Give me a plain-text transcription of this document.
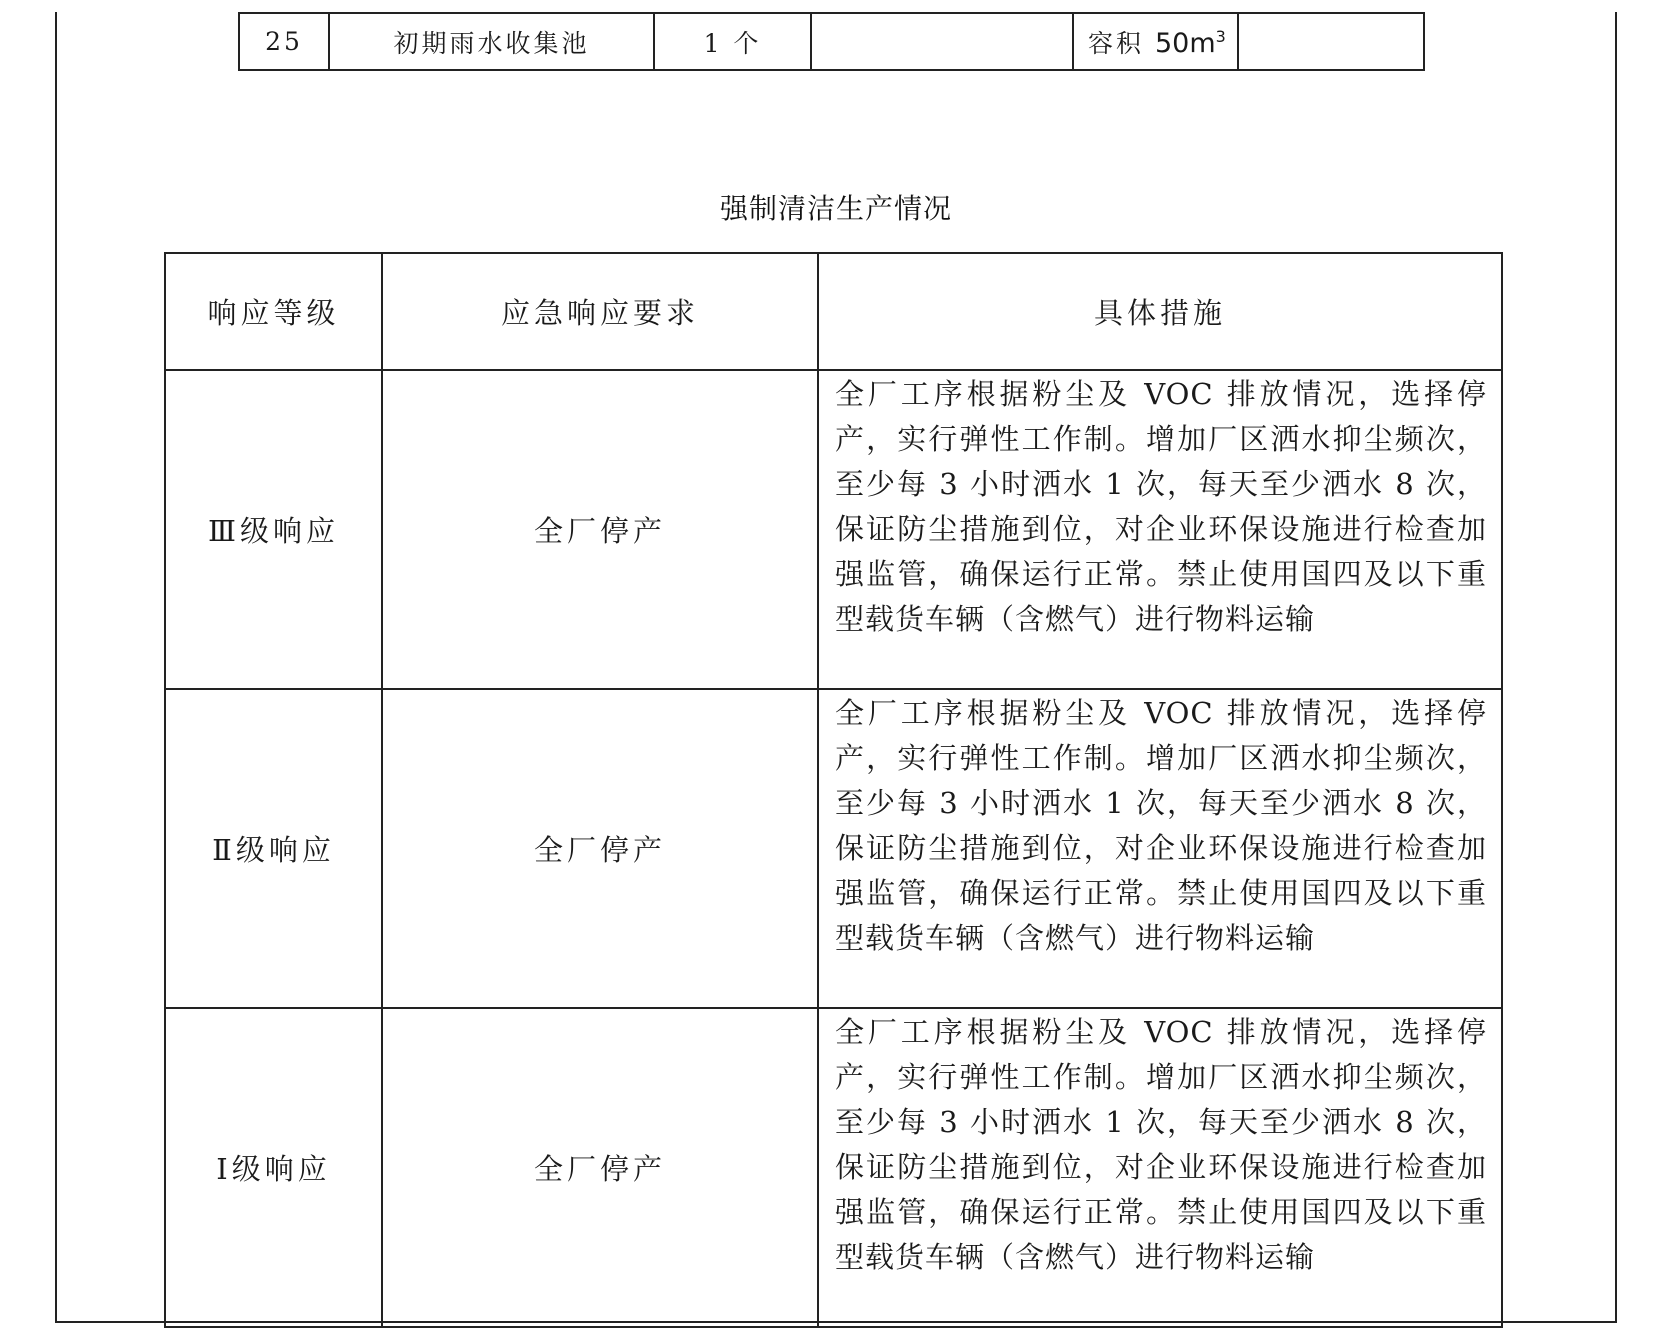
25	初期雨水收集池	1 个		容积 $50m^3$	
强制清洁生产情况
响应等级	应急响应要求	具体措施
Ⅲ级响应	全厂停产	全厂工序根据粉尘及 VOC 排放情况，选择停产，实行弹性工作制。增加厂区洒水抑尘频次，至少每 3 小时洒水 1 次，每天至少洒水 8 次，保证防尘措施到位，对企业环保设施进行检查加强监管，确保运行正常。禁止使用国四及以下重型载货车辆（含燃气）进行物料运输
Ⅱ级响应	全厂停产	全厂工序根据粉尘及 VOC 排放情况，选择停产，实行弹性工作制。增加厂区洒水抑尘频次，至少每 3 小时洒水 1 次，每天至少洒水 8 次，保证防尘措施到位，对企业环保设施进行检查加强监管，确保运行正常。禁止使用国四及以下重型载货车辆（含燃气）进行物料运输
Ⅰ级响应	全厂停产	全厂工序根据粉尘及 VOC 排放情况，选择停产，实行弹性工作制。增加厂区洒水抑尘频次，至少每 3 小时洒水 1 次，每天至少洒水 8 次，保证防尘措施到位，对企业环保设施进行检查加强监管，确保运行正常。禁止使用国四及以下重型载货车辆（含燃气）进行物料运输
